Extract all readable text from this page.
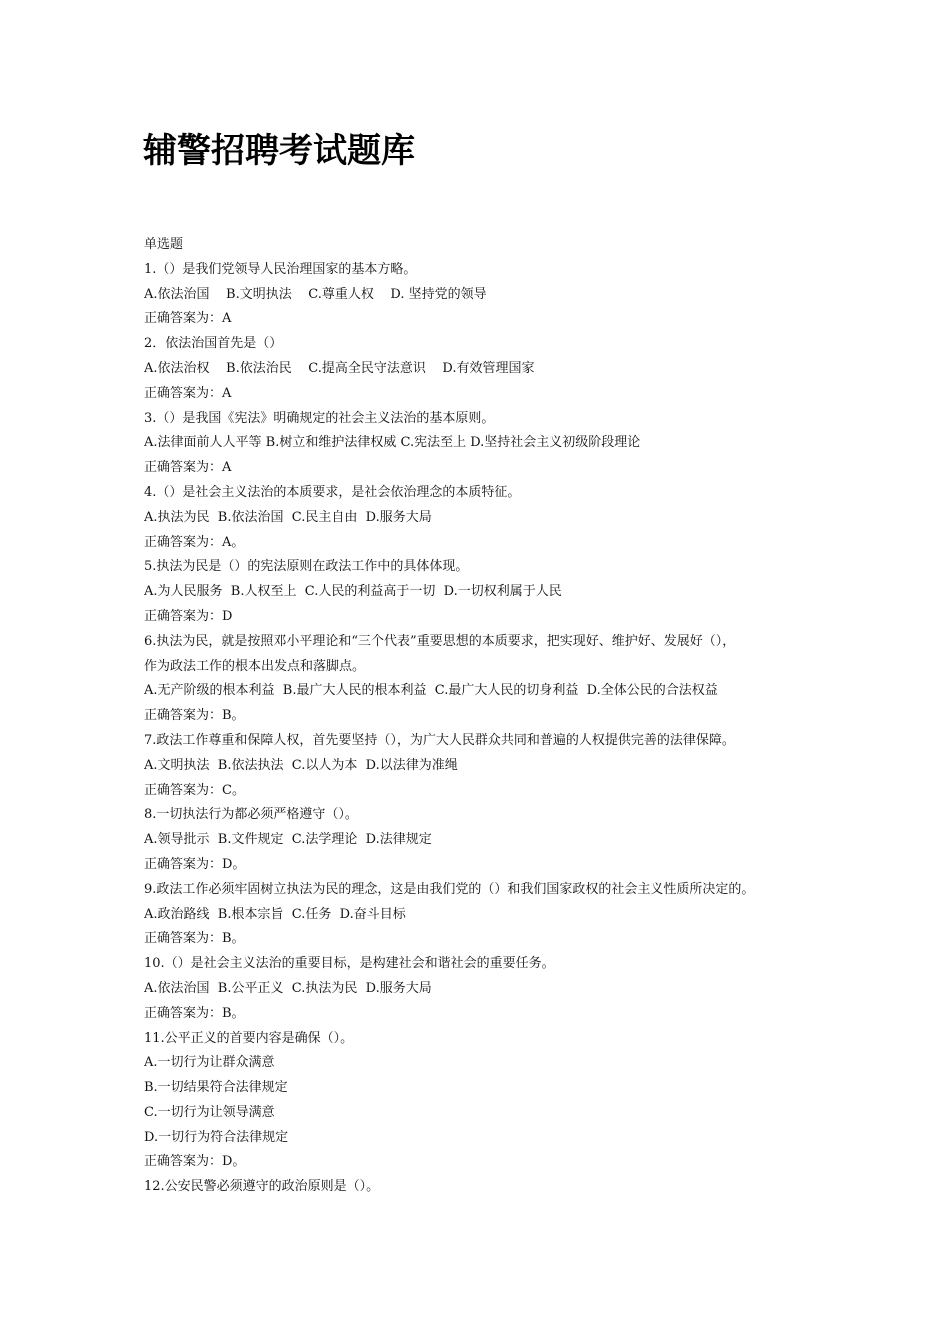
辅警招聘考试题库
单选题
1.（）是我们党领导人民治理国家的基本方略。
A.依法治国    B.文明执法    C.尊重人权    D. 坚持党的领导
正确答案为：A
2．依法治国首先是（）
A.依法治权    B.依法治民    C.提高全民守法意识    D.有效管理国家
正确答案为：A
3.（）是我国《宪法》明确规定的社会主义法治的基本原则。
A.法律面前人人平等 B.树立和维护法律权威 C.宪法至上 D.坚持社会主义初级阶段理论
正确答案为：A
4.（）是社会主义法治的本质要求，是社会依治理念的本质特征。
A.执法为民  B.依法治国  C.民主自由  D.服务大局
正确答案为：A。
5.执法为民是（）的宪法原则在政法工作中的具体体现。
A.为人民服务  B.人权至上  C.人民的利益高于一切  D.一切权利属于人民
正确答案为：D
6.执法为民，就是按照邓小平理论和“三个代表”重要思想的本质要求，把实现好、维护好、发展好（），
作为政法工作的根本出发点和落脚点。
A.无产阶级的根本利益  B.最广大人民的根本利益  C.最广大人民的切身利益  D.全体公民的合法权益
正确答案为：B。
7.政法工作尊重和保障人权，首先要坚持（），为广大人民群众共同和普遍的人权提供完善的法律保障。
A.文明执法  B.依法执法  C.以人为本  D.以法律为准绳
正确答案为：C。
8.一切执法行为都必须严格遵守（）。
A.领导批示  B.文件规定  C.法学理论  D.法律规定
正确答案为：D。
9.政法工作必须牢固树立执法为民的理念，这是由我们党的（）和我们国家政权的社会主义性质所决定的。
A.政治路线  B.根本宗旨  C.任务  D.奋斗目标
正确答案为：B。
10.（）是社会主义法治的重要目标，是构建社会和谐社会的重要任务。
A.依法治国  B.公平正义  C.执法为民  D.服务大局
正确答案为：B。
11.公平正义的首要内容是确保（）。
A.一切行为让群众满意
B.一切结果符合法律规定
C.一切行为让领导满意
D.一切行为符合法律规定
正确答案为：D。
12.公安民警必须遵守的政治原则是（）。
